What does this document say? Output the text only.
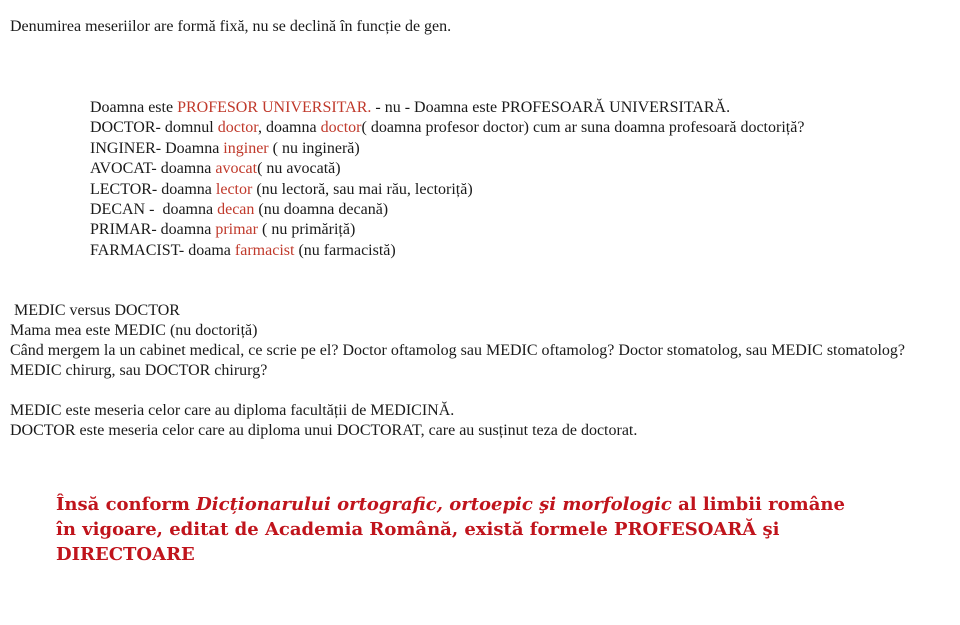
Denumirea meseriilor are formă fixă, nu se declină în funcție de gen.
Doamna este PROFESOR UNIVERSITAR. - nu - Doamna este PROFESOARĂ UNIVERSITARĂ.
DOCTOR- domnul doctor, doamna doctor( doamna profesor doctor) cum ar suna doamna profesoară doctoriță?
INGINER- Doamna inginer ( nu ingineră)
AVOCAT- doamna avocat( nu avocată)
LECTOR- doamna lector (nu lectoră, sau mai rău, lectoriță)
DECAN -  doamna decan (nu doamna decană)
PRIMAR- doamna primar ( nu primăriță)
FARMACIST- doama farmacist (nu farmacistă)
MEDIC versus DOCTOR
Mama mea este MEDIC (nu doctoriță)
Când mergem la un cabinet medical, ce scrie pe el? Doctor oftamolog sau MEDIC oftamolog? Doctor stomatolog, sau MEDIC stomatolog? MEDIC chirurg, sau DOCTOR chirurg?
MEDIC este meseria celor care au diploma facultății de MEDICINĂ.
DOCTOR este meseria celor care au diploma unui DOCTORAT, care au susținut teza de doctorat.
Însă conform Dicționarului ortografic, ortoepic şi morfologic al limbii române în vigoare, editat de Academia Română, există formele PROFESOARĂ şi DIRECTOARE
